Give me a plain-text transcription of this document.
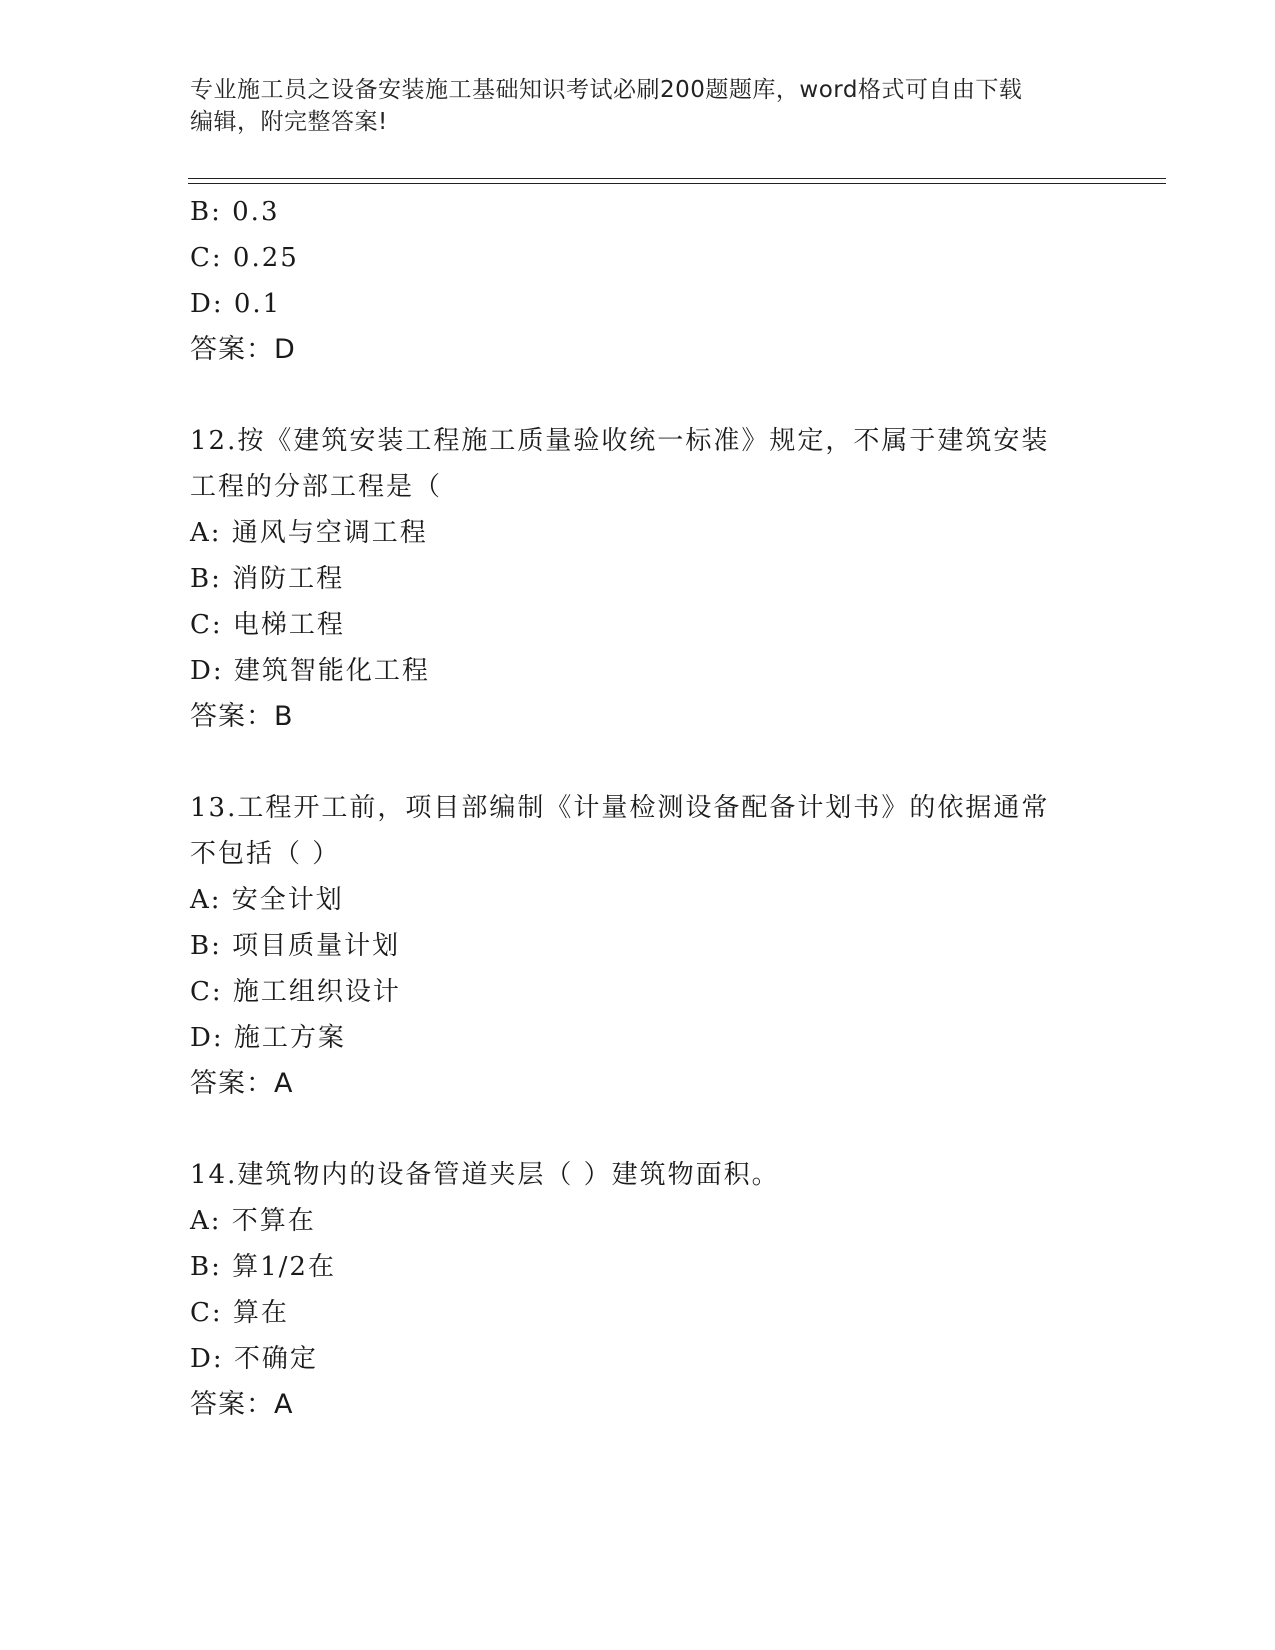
专业施工员之设备安装施工基础知识考试必刷200题题库，word格式可自由下载
编辑，附完整答案!
B: 0.3
C: 0.25
D: 0.1
答案：D
12.按《建筑安装工程施工质量验收统一标准》规定，不属于建筑安装
工程的分部工程是（
A: 通风与空调工程
B: 消防工程
C: 电梯工程
D: 建筑智能化工程
答案：B
13.工程开工前，项目部编制《计量检测设备配备计划书》的依据通常
不包括（ ）
A: 安全计划
B: 项目质量计划
C: 施工组织设计
D: 施工方案
答案：A
14.建筑物内的设备管道夹层（ ）建筑物面积。
A: 不算在
B: 算1/2在
C: 算在
D: 不确定
答案：A
